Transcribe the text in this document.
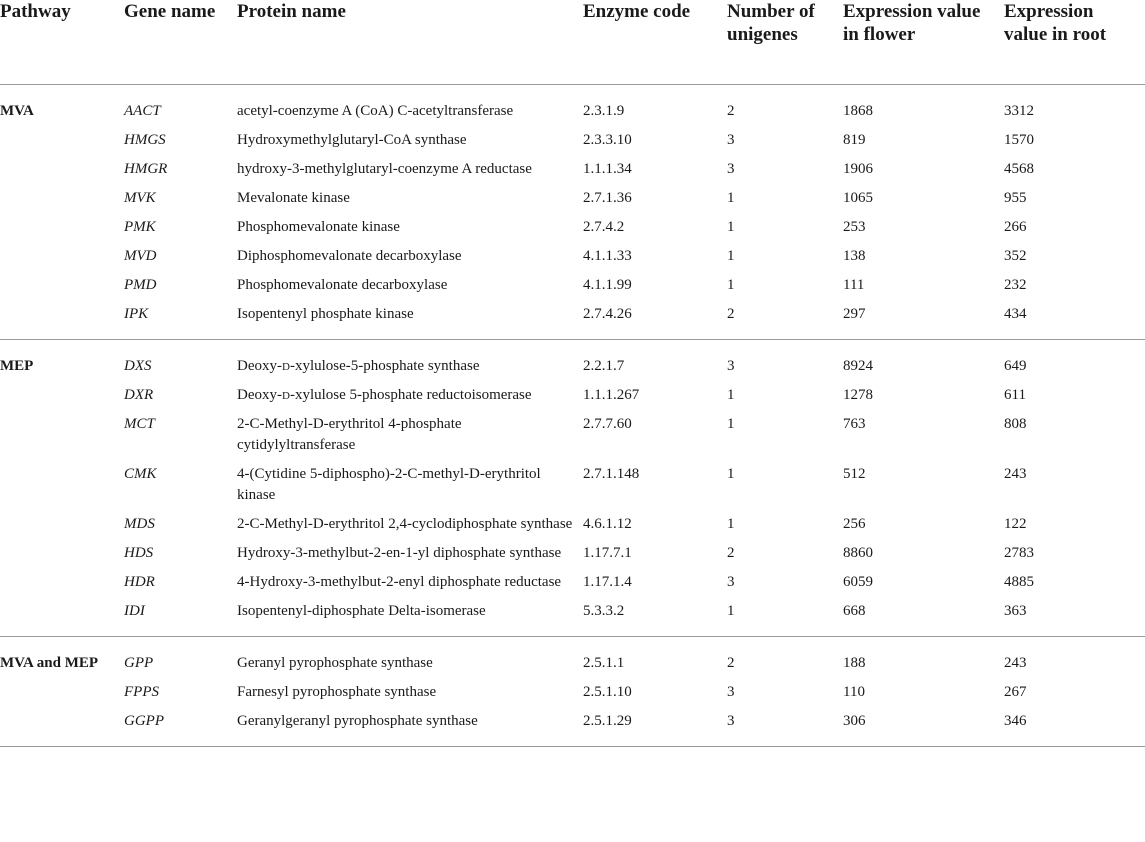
Pathway	Gene name	Protein name	Enzyme code	Number of unigenes	Expression value in flower	Expression value in root
MVA	AACT	acetyl-coenzyme A (CoA) C-acetyltransferase	2.3.1.9	2	1868	3312
	HMGS	Hydroxymethylglutaryl-CoA synthase	2.3.3.10	3	819	1570
	HMGR	hydroxy-3-methylglutaryl-coenzyme A reductase	1.1.1.34	3	1906	4568
	MVK	Mevalonate kinase	2.7.1.36	1	1065	955
	PMK	Phosphomevalonate kinase	2.7.4.2	1	253	266
	MVD	Diphosphomevalonate decarboxylase	4.1.1.33	1	138	352
	PMD	Phosphomevalonate decarboxylase	4.1.1.99	1	111	232
	IPK	Isopentenyl phosphate kinase	2.7.4.26	2	297	434
MEP	DXS	Deoxy-d-xylulose-5-phosphate synthase	2.2.1.7	3	8924	649
	DXR	Deoxy-d-xylulose 5-phosphate reductoisomerase	1.1.1.267	1	1278	611
	MCT	2-C-Methyl-D-erythritol 4-phosphate cytidylyltransferase	2.7.7.60	1	763	808
	CMK	4-(Cytidine 5-diphospho)-2-C-methyl-D-erythritol kinase	2.7.1.148	1	512	243
	MDS	2-C-Methyl-D-erythritol 2,4-cyclodiphosphate synthase	4.6.1.12	1	256	122
	HDS	Hydroxy-3-methylbut-2-en-1-yl diphosphate synthase	1.17.7.1	2	8860	2783
	HDR	4-Hydroxy-3-methylbut-2-enyl diphosphate reductase	1.17.1.4	3	6059	4885
	IDI	Isopentenyl-diphosphate Delta-isomerase	5.3.3.2	1	668	363
MVA and MEP	GPP	Geranyl pyrophosphate synthase	2.5.1.1	2	188	243
	FPPS	Farnesyl pyrophosphate synthase	2.5.1.10	3	110	267
	GGPP	Geranylgeranyl pyrophosphate synthase	2.5.1.29	3	306	346
